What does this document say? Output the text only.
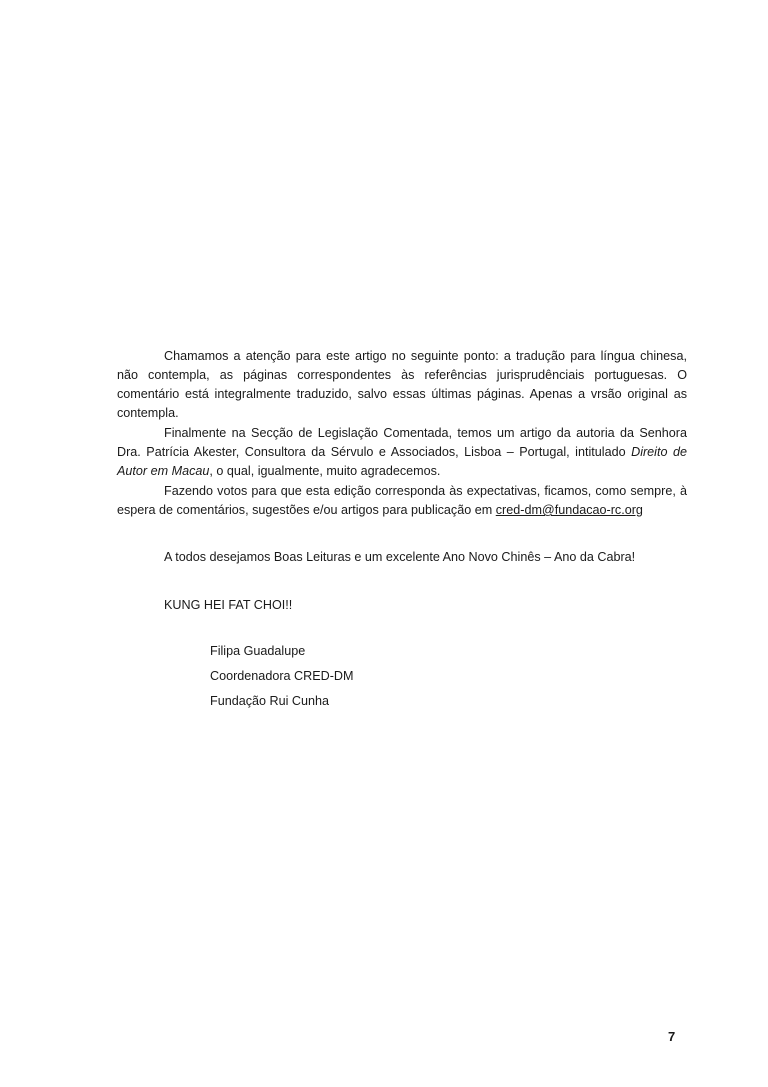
Chamamos a atenção para este artigo no seguinte ponto: a tradução para língua chinesa, não contempla, as páginas correspondentes às referências jurisprudênciais portuguesas. O comentário está integralmente traduzido, salvo essas últimas páginas. Apenas a vrsão original as contempla.

Finalmente na Secção de Legislação Comentada, temos um artigo da autoria da Senhora Dra. Patrícia Akester, Consultora da Sérvulo e Associados, Lisboa – Portugal, intitulado Direito de Autor em Macau, o qual, igualmente, muito agradecemos.

Fazendo votos para que esta edição corresponda às expectativas, ficamos, como sempre, à espera de comentários, sugestões e/ou artigos para publicação em cred-dm@fundacao-rc.org

A todos desejamos Boas Leituras e um excelente Ano Novo Chinês – Ano da Cabra!

KUNG HEI FAT CHOI!!

Filipa Guadalupe
Coordenadora CRED-DM
Fundação Rui Cunha
7
